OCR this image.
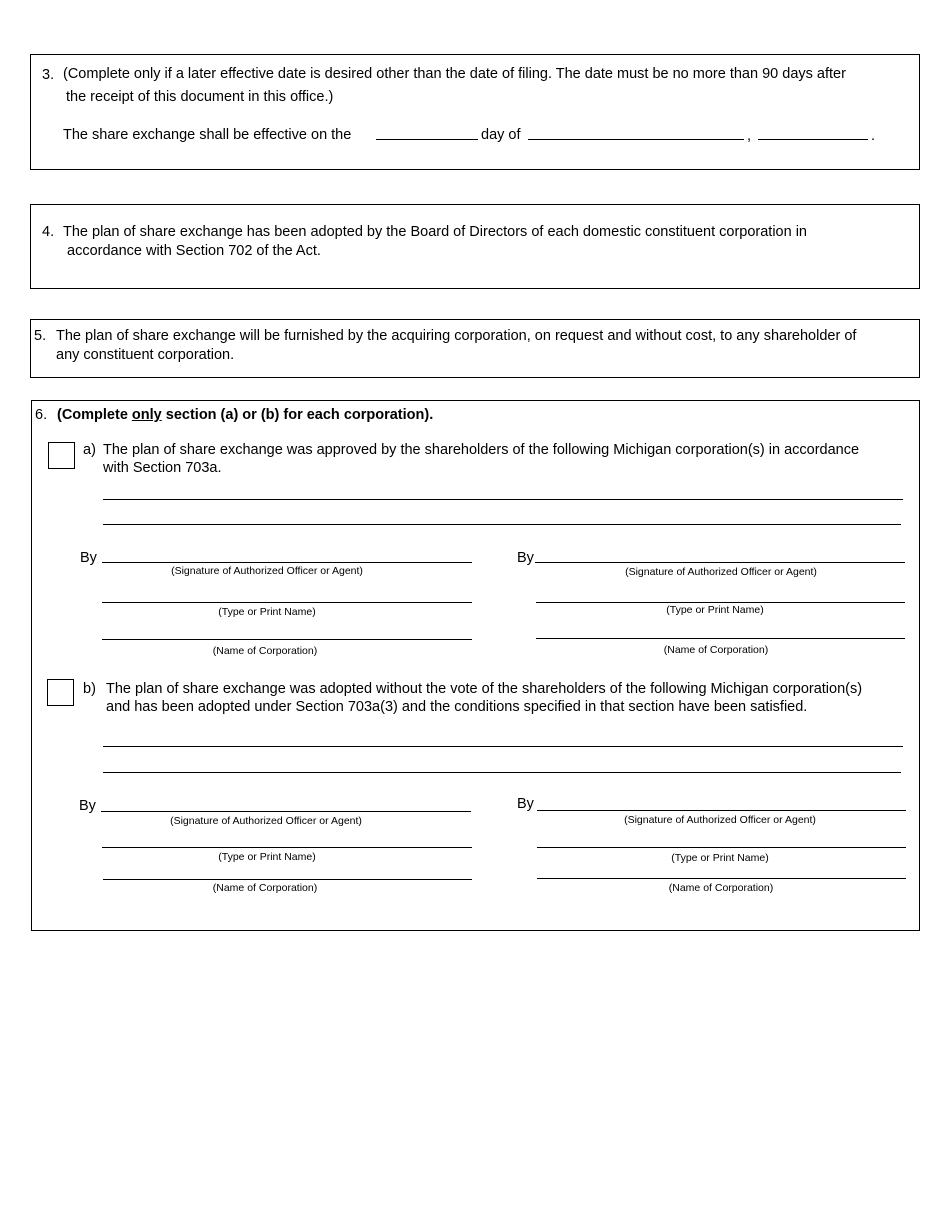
3. (Complete only if a later effective date is desired other than the date of filing. The date must be no more than 90 days after
the receipt of this document in this office.)
The share exchange shall be effective on the	day of	,	.
4. The plan of share exchange has been adopted by the Board of Directors of each domestic constituent corporation in
accordance with Section 702 of the Act.
5. The plan of share exchange will be furnished by the acquiring corporation, on request and without cost, to any shareholder of
any constituent corporation.
6. (Complete only section (a) or (b) for each corporation).
a) The plan of share exchange was approved by the shareholders of the following Michigan corporation(s) in accordance
with Section 703a.
By
(Signature of Authorized Officer or Agent)
(Type or Print Name)
(Name of Corporation)
By
(Signature of Authorized Officer or Agent)
(Type or Print Name)
(Name of Corporation)
b) The plan of share exchange was adopted without the vote of the shareholders of the following Michigan corporation(s)
and has been adopted under Section 703a(3) and the conditions specified in that section have been satisfied.
By
(Signature of Authorized Officer or Agent)
(Type or Print Name)
(Name of Corporation)
By
(Signature of Authorized Officer or Agent)
(Type or Print Name)
(Name of Corporation)
